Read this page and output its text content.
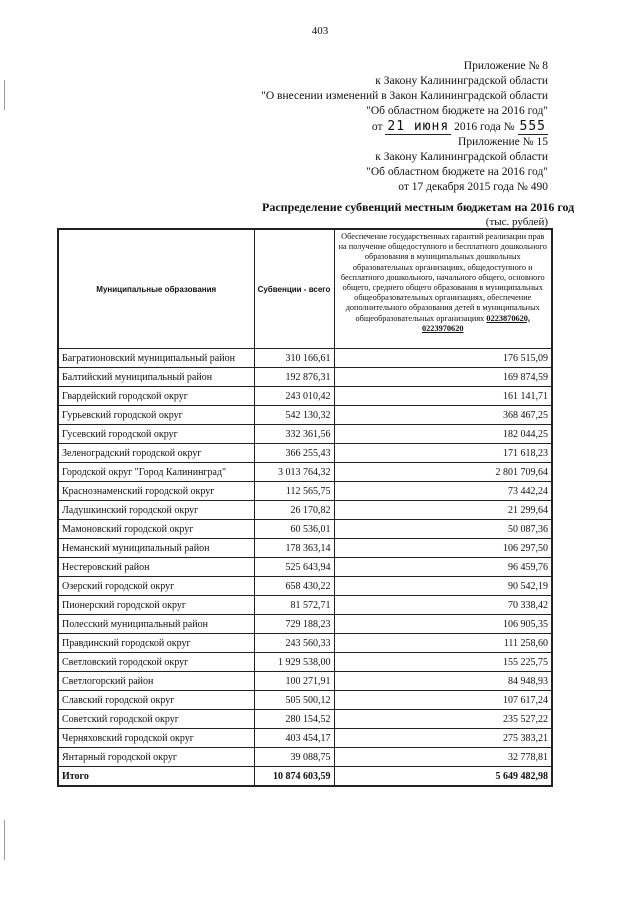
403
Приложение № 8
к Закону Калининградской области
"О внесении изменений в Закон Калининградской области
"Об областном бюджете на 2016 год"
от 21 июня 2016 года № 555
Приложение № 15
к Закону Калининградской области
"Об областном бюджете на 2016 год"
от 17 декабря 2015 года № 490
Распределение субвенций местным бюджетам на 2016 год
(тыс. рублей)
Муниципальные образования	Субвенции - всего	Обеспечение государственных гарантий реализации прав на получение общедоступного и бесплатного дошкольного образования в муниципальных дошкольных образовательных организациях, общедоступного и бесплатного дошкольного, начального общего, основного общего, среднего общего образования в муниципальных общеобразовательных организациях, обеспечение дополнительного образования детей в муниципальных общеобразовательных организациях 0223870620, 0223970620
Багратионовский муниципальный район	310 166,61	176 515,09
Балтийский муниципальный район	192 876,31	169 874,59
Гвардейский городской округ	243 010,42	161 141,71
Гурьевский городской округ	542 130,32	368 467,25
Гусевский городской округ	332 361,56	182 044,25
Зеленоградский городской округ	366 255,43	171 618,23
Городской округ "Город Калининград"	3 013 764,32	2 801 709,64
Краснознаменский городской округ	112 565,75	73 442,24
Ладушкинский городской округ	26 170,82	21 299,64
Мамоновский городской округ	60 536,01	50 087,36
Неманский муниципальный район	178 363,14	106 297,50
Нестеровский район	525 643,94	96 459,76
Озерский городской округ	658 430,22	90 542,19
Пионерский городской округ	81 572,71	70 338,42
Полесский муниципальный район	729 188,23	106 905,35
Правдинский городской округ	243 560,33	111 258,60
Светловский городской округ	1 929 538,00	155 225,75
Светлогорский район	100 271,91	84 948,93
Славский городской округ	505 500,12	107 617,24
Советский городской округ	280 154,52	235 527,22
Черняховский городской округ	403 454,17	275 383,21
Янтарный городской округ	39 088,75	32 778,81
Итого	10 874 603,59	5 649 482,98
